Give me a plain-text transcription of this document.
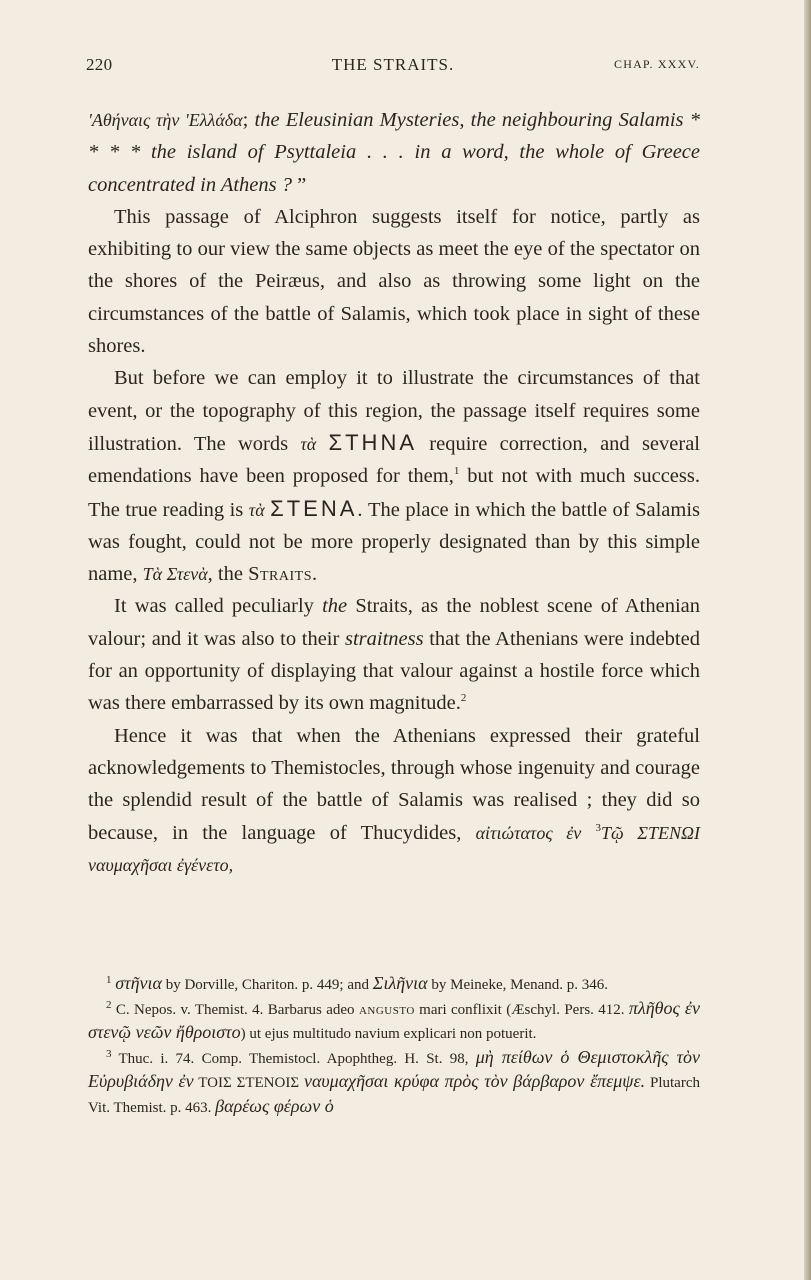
220	THE STRAITS.	CHAP. XXXV.

'Αθήναις τὴν 'Ελλάδα; the Eleusinian Mysteries, the neighbouring Salamis * * * * the island of Psyttaleia . . . in a word, the whole of Greece concentrated in Athens ? ”

This passage of Alciphron suggests itself for notice, partly as exhibiting to our view the same objects as meet the eye of the spectator on the shores of the Peiræus, and also as throwing some light on the circumstances of the battle of Salamis, which took place in sight of these shores.

But before we can employ it to illustrate the circumstances of that event, or the topography of this region, the passage itself requires some illustration. The words τὰ ΣΤΗΝΑ require correction, and several emendations have been proposed for them,$^1$ but not with much success. The true reading is τὰ ΣΤΕΝΑ. The place in which the battle of Salamis was fought, could not be more properly designated than by this simple name, Τὰ Στενὰ, the Straits.

It was called peculiarly the Straits, as the noblest scene of Athenian valour; and it was also to their straitness that the Athenians were indebted for an opportunity of displaying that valour against a hostile force which was there embarrassed by its own magnitude.$^2$

Hence it was that when the Athenians expressed their grateful acknowledgements to Themistocles, through whose ingenuity and courage the splendid result of the battle of Salamis was realised ; they did so because, in the language of Thucydides, αἰτιώτατος ἐν $^3$Τῷ ΣΤΕΝΩΙ ναυμαχῆσαι ἐγένετο,

$^1$ στῆνια by Dorville, Chariton. p. 449; and Σιλῆνια by Meineke, Menand. p. 346.

$^2$ C. Nepos. v. Themist. 4. Barbarus adeo angusto mari conflixit (Æschyl. Pers. 412. πλῆθος ἐν στενῷ νεῶν ἤθροιστο) ut ejus multitudo navium explicari non potuerit.

$^3$ Thuc. i. 74. Comp. Themistocl. Apophtheg. H. St. 98, μὴ πείθων ὁ Θεμιστοκλῆς τὸν Εὐρυβιάδην ἐν ΤΟΙΣ ΣΤΕΝΟΙΣ ναυμαχῆσαι κρύφα πρὸς τὸν βάρβαρον ἔπεμψε. Plutarch Vit. Themist. p. 463. βαρέως φέρων ὁ
